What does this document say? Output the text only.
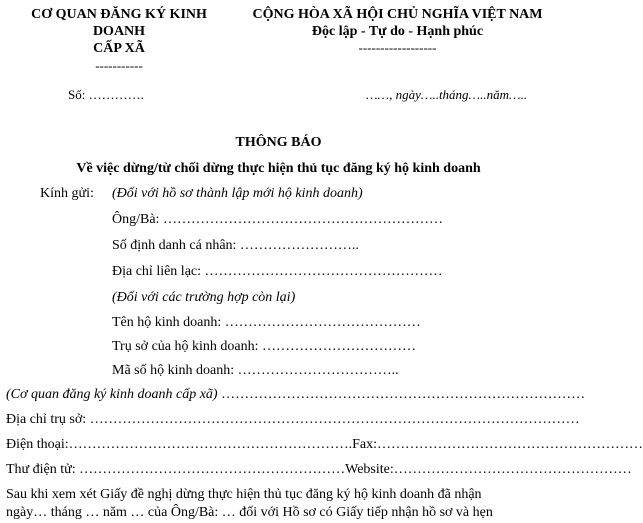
CƠ QUAN ĐĂNG KÝ KINH
DOANH
CẤP XÃ
-----------
CỘNG HÒA XÃ HỘI CHỦ NGHĨA VIỆT NAM
Độc lập - Tự do - Hạnh phúc
------------------
Số: ………….	……, ngày…..tháng…..năm…..
THÔNG BÁO
Về việc dừng/từ chối dừng thực hiện thủ tục đăng ký hộ kinh doanh
Kính gửi: (Đối với hồ sơ thành lập mới hộ kinh doanh)
Ông/Bà: ……………………………………………………
Số định danh cá nhân: ……………………..
Địa chỉ liên lạc: ……………………………………………
(Đối với các trường hợp còn lại)
Tên hộ kinh doanh: ……………………………………
Trụ sở của hộ kinh doanh: ……………………………
Mã số hộ kinh doanh: ……………………………..
(Cơ quan đăng ký kinh doanh cấp xã) ……………………………………………………………………
Địa chỉ trụ sở: ……………………………………………………………………………………………
Điện thoại:…………………………………………………….Fax:…………………………………………………
Thư điện tử: …………………………………………………Website:……………………………………………
Sau khi xem xét Giấy đề nghị dừng thực hiện thủ tục đăng ký hộ kinh doanh đã nhận
ngày… tháng … năm … của Ông/Bà: … đối với Hồ sơ có Giấy tiếp nhận hồ sơ và hẹn
